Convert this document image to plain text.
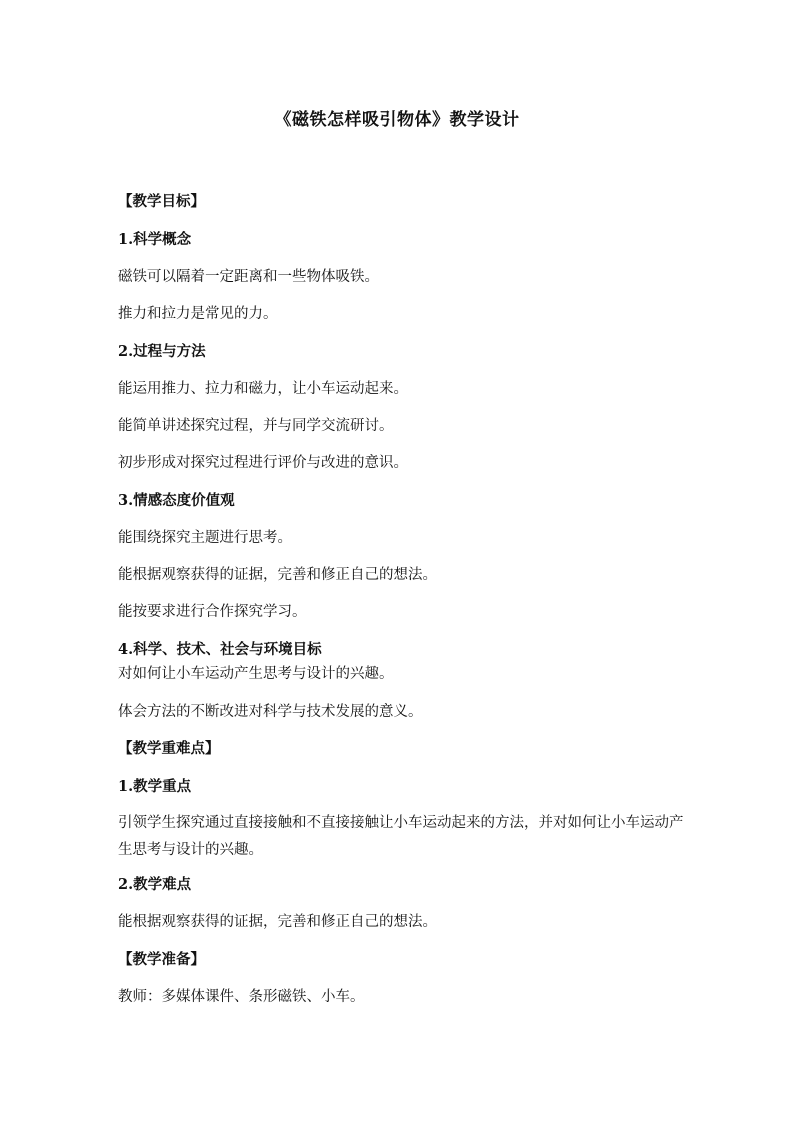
《磁铁怎样吸引物体》教学设计
【教学目标】
1.科学概念
磁铁可以隔着一定距离和一些物体吸铁。
推力和拉力是常见的力。
2.过程与方法
能运用推力、拉力和磁力，让小车运动起来。
能简单讲述探究过程，并与同学交流研讨。
初步形成对探究过程进行评价与改进的意识。
3.情感态度价值观
能围绕探究主题进行思考。
能根据观察获得的证据，完善和修正自己的想法。
能按要求进行合作探究学习。
4.科学、技术、社会与环境目标
对如何让小车运动产生思考与设计的兴趣。
体会方法的不断改进对科学与技术发展的意义。
【教学重难点】
1.教学重点
引领学生探究通过直接接触和不直接接触让小车运动起来的方法，并对如何让小车运动产生思考与设计的兴趣。
2.教学难点
能根据观察获得的证据，完善和修正自己的想法。
【教学准备】
教师：多媒体课件、条形磁铁、小车。
